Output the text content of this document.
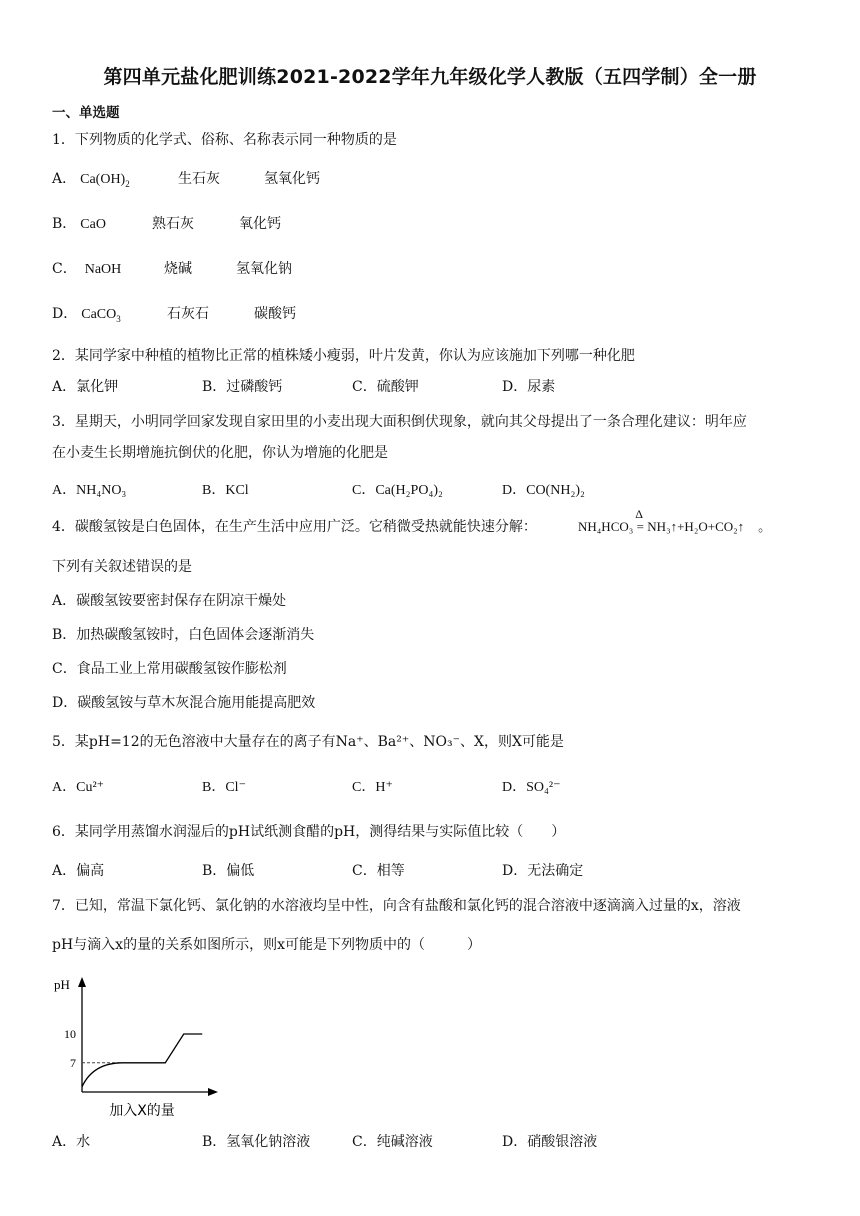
第四单元盐化肥训练2021-2022学年九年级化学人教版（五四学制）全一册
一、单选题
1．下列物质的化学式、俗称、名称表示同一种物质的是
A． $Ca(OH)_2$	生石灰	氢氧化钙
B． CaO	熟石灰	氧化钙
C． NaOH	烧碱	氢氧化钠
D． CaCO$_3$	石灰石	碳酸钙
2．某同学家中种植的植物比正常的植株矮小瘦弱，叶片发黄，你认为应该施加下列哪一种化肥
A．氯化钾	B．过磷酸钙	C．硫酸钾	D．尿素
3．星期天，小明同学回家发现自家田里的小麦出现大面积倒伏现象，就向其父母提出了一条合理化建议：明年应
在小麦生长期增施抗倒伏的化肥，你认为增施的化肥是
A．NH₄NO₃	B．KCl	C．Ca(H₂PO₄)₂	D．CO(NH₂)₂
4．碳酸氢铵是白色固体，在生产生活中应用广泛。它稍微受热就能快速分解：	NH₄HCO₃
Δ
= NH₃↑+H₂O+CO₂↑ 。
下列有关叙述错误的是
A．碳酸氢铵要密封保存在阴凉干燥处
B．加热碳酸氢铵时，白色固体会逐渐消失
C．食品工业上常用碳酸氢铵作膨松剂
D．碳酸氢铵与草木灰混合施用能提高肥效
5．某pH=12的无色溶液中大量存在的离子有Na⁺、Ba²⁺、NO₃⁻、X，则X可能是
A．Cu²⁺	B．Cl⁻	C．H⁺	D．SO₄²⁻
6．某同学用蒸馏水润湿后的pH试纸测食醋的pH，测得结果与实际值比较（　　）
A．偏高	B．偏低	C．相等	D．无法确定
7．已知，常温下氯化钙、氯化钠的水溶液均呈中性，向含有盐酸和氯化钙的混合溶液中逐滴滴入过量的x，溶液
pH与滴入x的量的关系如图所示，则x可能是下列物质中的（　　　）
pH
10
7
加入X的量
A．水	B．氢氧化钠溶液	C．纯碱溶液	D．硝酸银溶液
